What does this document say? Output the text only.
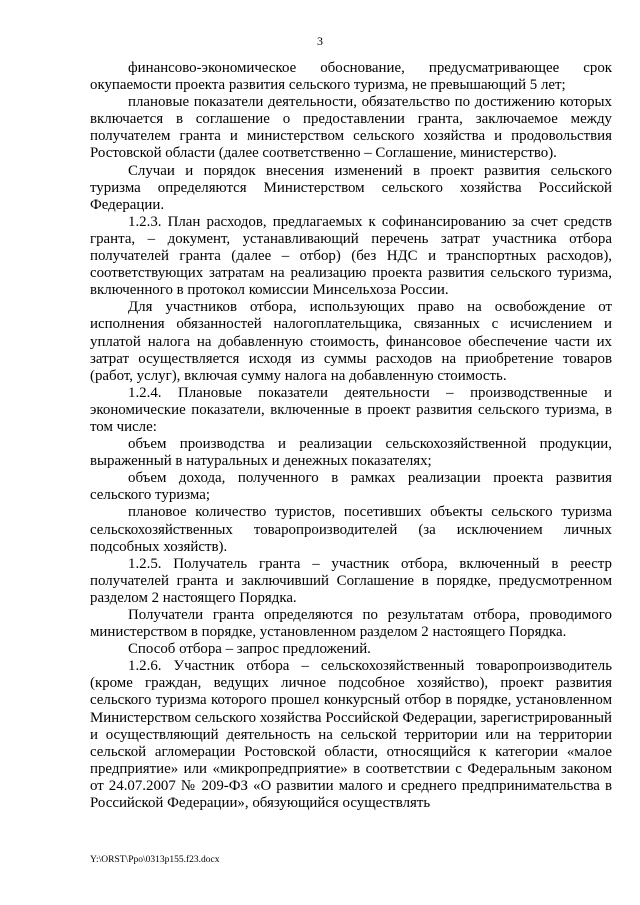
3

финансово-экономическое обоснование, предусматривающее срок окупаемости проекта развития сельского туризма, не превышающий 5 лет;

плановые показатели деятельности, обязательство по достижению которых включается в соглашение о предоставлении гранта, заключаемое между получателем гранта и министерством сельского хозяйства и продовольствия Ростовской области (далее соответственно – Соглашение, министерство).

Случаи и порядок внесения изменений в проект развития сельского туризма определяются Министерством сельского хозяйства Российской Федерации.

1.2.3. План расходов, предлагаемых к софинансированию за счет средств гранта, – документ, устанавливающий перечень затрат участника отбора получателей гранта (далее – отбор) (без НДС и транспортных расходов), соответствующих затратам на реализацию проекта развития сельского туризма, включенного в протокол комиссии Минсельхоза России.

Для участников отбора, использующих право на освобождение от исполнения обязанностей налогоплательщика, связанных с исчислением и уплатой налога на добавленную стоимость, финансовое обеспечение части их затрат осуществляется исходя из суммы расходов на приобретение товаров (работ, услуг), включая сумму налога на добавленную стоимость.

1.2.4. Плановые показатели деятельности – производственные и экономические показатели, включенные в проект развития сельского туризма, в том числе:

объем производства и реализации сельскохозяйственной продукции, выраженный в натуральных и денежных показателях;

объем дохода, полученного в рамках реализации проекта развития сельского туризма;

плановое количество туристов, посетивших объекты сельского туризма сельскохозяйственных товаропроизводителей (за исключением личных подсобных хозяйств).

1.2.5. Получатель гранта – участник отбора, включенный в реестр получателей гранта и заключивший Соглашение в порядке, предусмотренном разделом 2 настоящего Порядка.

Получатели гранта определяются по результатам отбора, проводимого министерством в порядке, установленном разделом 2 настоящего Порядка.

Способ отбора – запрос предложений.

1.2.6. Участник отбора – сельскохозяйственный товаропроизводитель (кроме граждан, ведущих личное подсобное хозяйство), проект развития сельского туризма которого прошел конкурсный отбор в порядке, установленном Министерством сельского хозяйства Российской Федерации, зарегистрированный и осуществляющий деятельность на сельской территории или на территории сельской агломерации Ростовской области, относящийся к категории «малое предприятие» или «микропредприятие» в соответствии с Федеральным законом от 24.07.2007 № 209-ФЗ «О развитии малого и среднего предпринимательства в Российской Федерации», обязующийся осуществлять

Y:\ORST\Ppo\0313p155.f23.docx
